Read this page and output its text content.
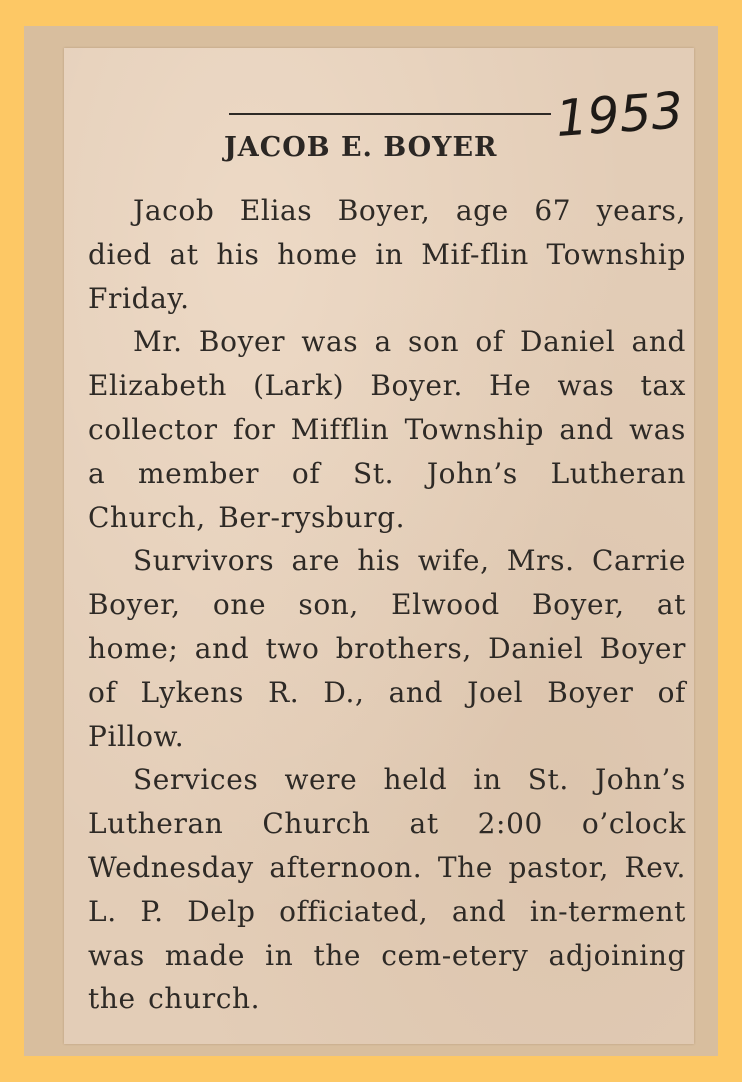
JACOB E. BOYER 1953

Jacob Elias Boyer, age 67 years, died at his home in Mif-flin Township Friday.

Mr. Boyer was a son of Daniel and Elizabeth (Lark) Boyer. He was tax collector for Mifflin Township and was a member of St. John’s Lutheran Church, Ber-rysburg.

Survivors are his wife, Mrs. Carrie Boyer, one son, Elwood Boyer, at home; and two brothers, Daniel Boyer of Lykens R. D., and Joel Boyer of Pillow.

Services were held in St. John’s Lutheran Church at 2:00 o’clock Wednesday afternoon. The pastor, Rev. L. P. Delp officiated, and in-terment was made in the cem-etery adjoining the church.
